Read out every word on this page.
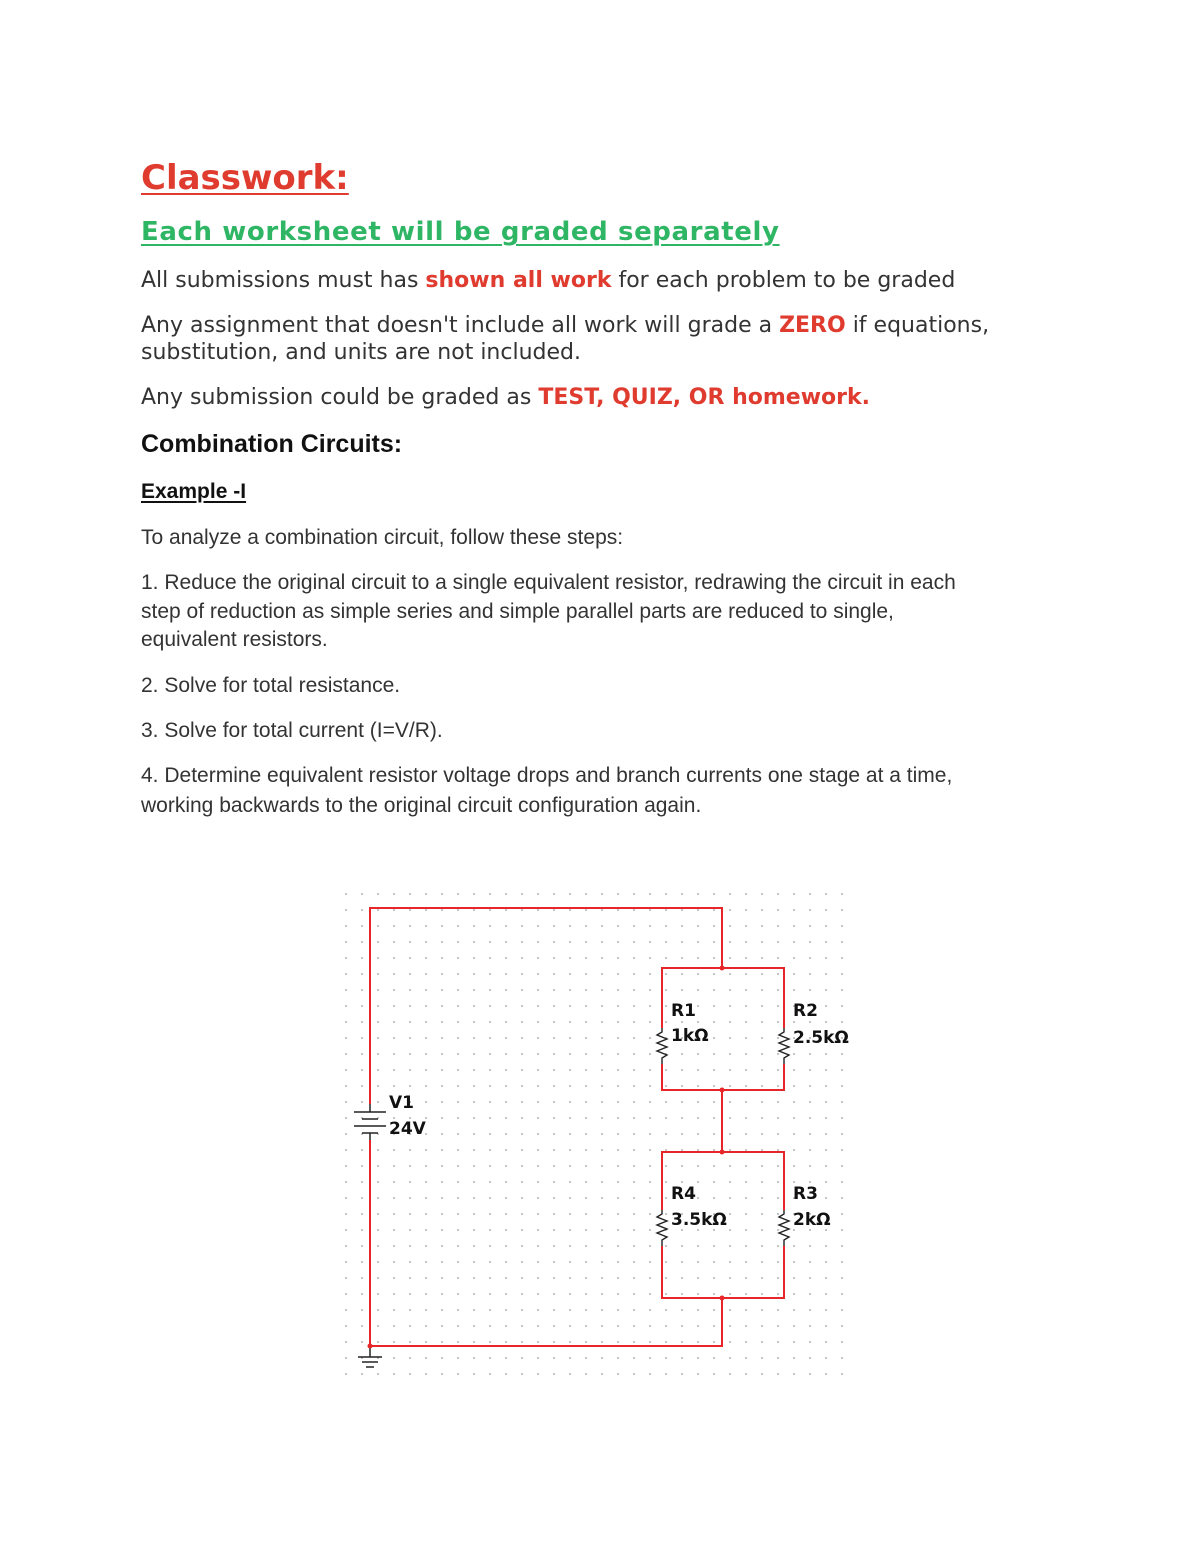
Classwork:

Each worksheet will be graded separately

All submissions must has shown all work for each problem to be graded

Any assignment that doesn't include all work will grade a ZERO if equations,

substitution, and units are not included.

Any submission could be graded as TEST, QUIZ, OR homework.

Combination Circuits:

Example -I

To analyze a combination circuit, follow these steps:

1. Reduce the original circuit to a single equivalent resistor, redrawing the circuit in each

step of reduction as simple series and simple parallel parts are reduced to single,

equivalent resistors.

2. Solve for total resistance.

3. Solve for total current (I=V/R).

4. Determine equivalent resistor voltage drops and branch currents one stage at a time,

working backwards to the original circuit configuration again.

V1
24V
R1
1kΩ
R2
2.5kΩ
R4
3.5kΩ
R3
2kΩ
